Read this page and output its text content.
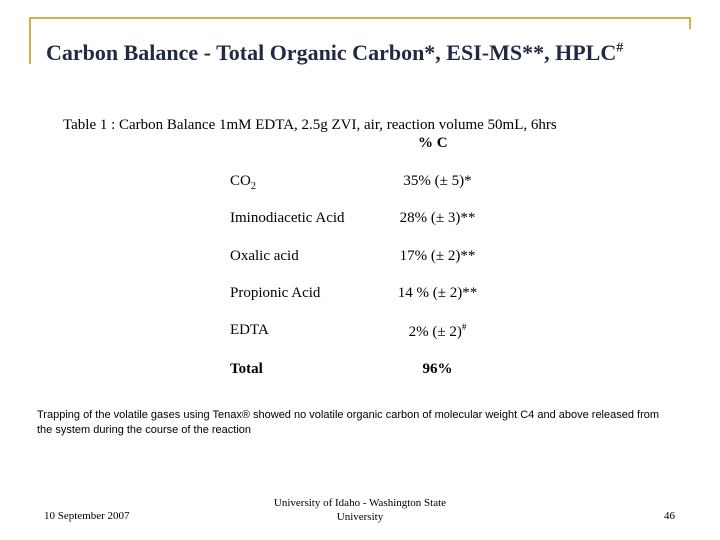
Carbon Balance - Total Organic Carbon*, ESI-MS**, HPLC#
Table 1 : Carbon Balance 1mM EDTA, 2.5g ZVI, air, reaction volume 50mL, 6hrs
% C
$CO_2$	35% (± 5)*
Iminodiacetic Acid	28% (± 3)**
Oxalic acid	17% (± 2)**
Propionic Acid	14 % (± 2)**
EDTA	2% (± 2)#
Total	96%
Trapping of the volatile gases using Tenax® showed no volatile organic carbon of molecular weight C4 and above released from the system during the course of the reaction
10 September 2007
University of Idaho - Washington State
University	46
